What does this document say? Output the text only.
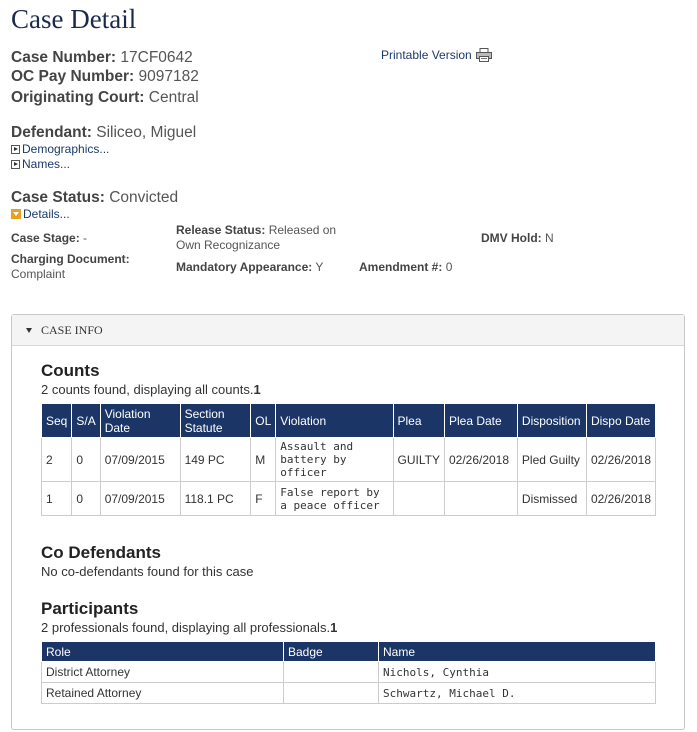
Case Detail
Case Number: 17CF0642
OC Pay Number: 9097182
Originating Court: Central
Printable Version
Defendant: Siliceo, Miguel
Demographics...
Names...
Case Status: Convicted
Details...
Case Stage: -
Release Status: Released on
Own Recognizance	DMV Hold: N
Charging Document:
Complaint	Mandatory Appearance: Y	Amendment #: 0
CASE INFO
Counts
2 counts found, displaying all counts.1
Seq	S/A	Violation Date	Section Statute	OL	Violation	Plea	Plea Date	Disposition	Dispo Date
2	0	07/09/2015	149 PC	M	Assault and battery by officer	GUILTY	02/26/2018	Pled Guilty	02/26/2018
1	0	07/09/2015	118.1 PC	F	False report by a peace officer			Dismissed	02/26/2018
Co Defendants
No co-defendants found for this case
Participants
2 professionals found, displaying all professionals.1
Role	Badge	Name
District Attorney		Nichols, Cynthia
Retained Attorney		Schwartz, Michael D.
